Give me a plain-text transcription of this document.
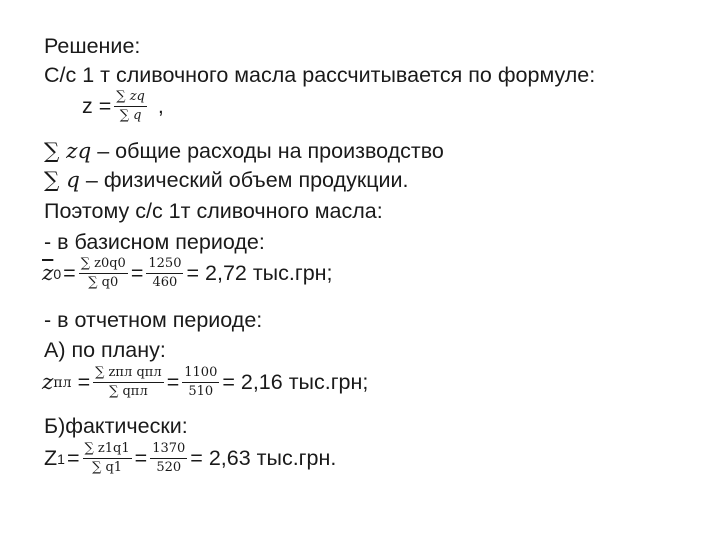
Решение:
С/с 1 т сливочного масла рассчитывается по формуле:
$z = \frac{\sum zq}{\sum q}$ ,
∑ zq – общие расходы на производство
∑ q – физический объем продукции.
Поэтому с/с 1т сливочного масла:
- в базисном периоде:
$\overline{z}$ $0 = \frac{\sum z0q0}{\sum q0} = \frac{1250}{460} = 2,72$ тыс.грн;
- в отчетном периоде:
А) по плану:
z пл = $\frac{\text{∑ zпл qпл}}{\text{∑ qпл}} = \frac{1100}{510} = 2,16$ тыс.грн;
Б)фактически:
Z $1 = \frac{\sum z1q1}{\sum q1} = \frac{1370}{520} = 2,63$ тыс.грн.
